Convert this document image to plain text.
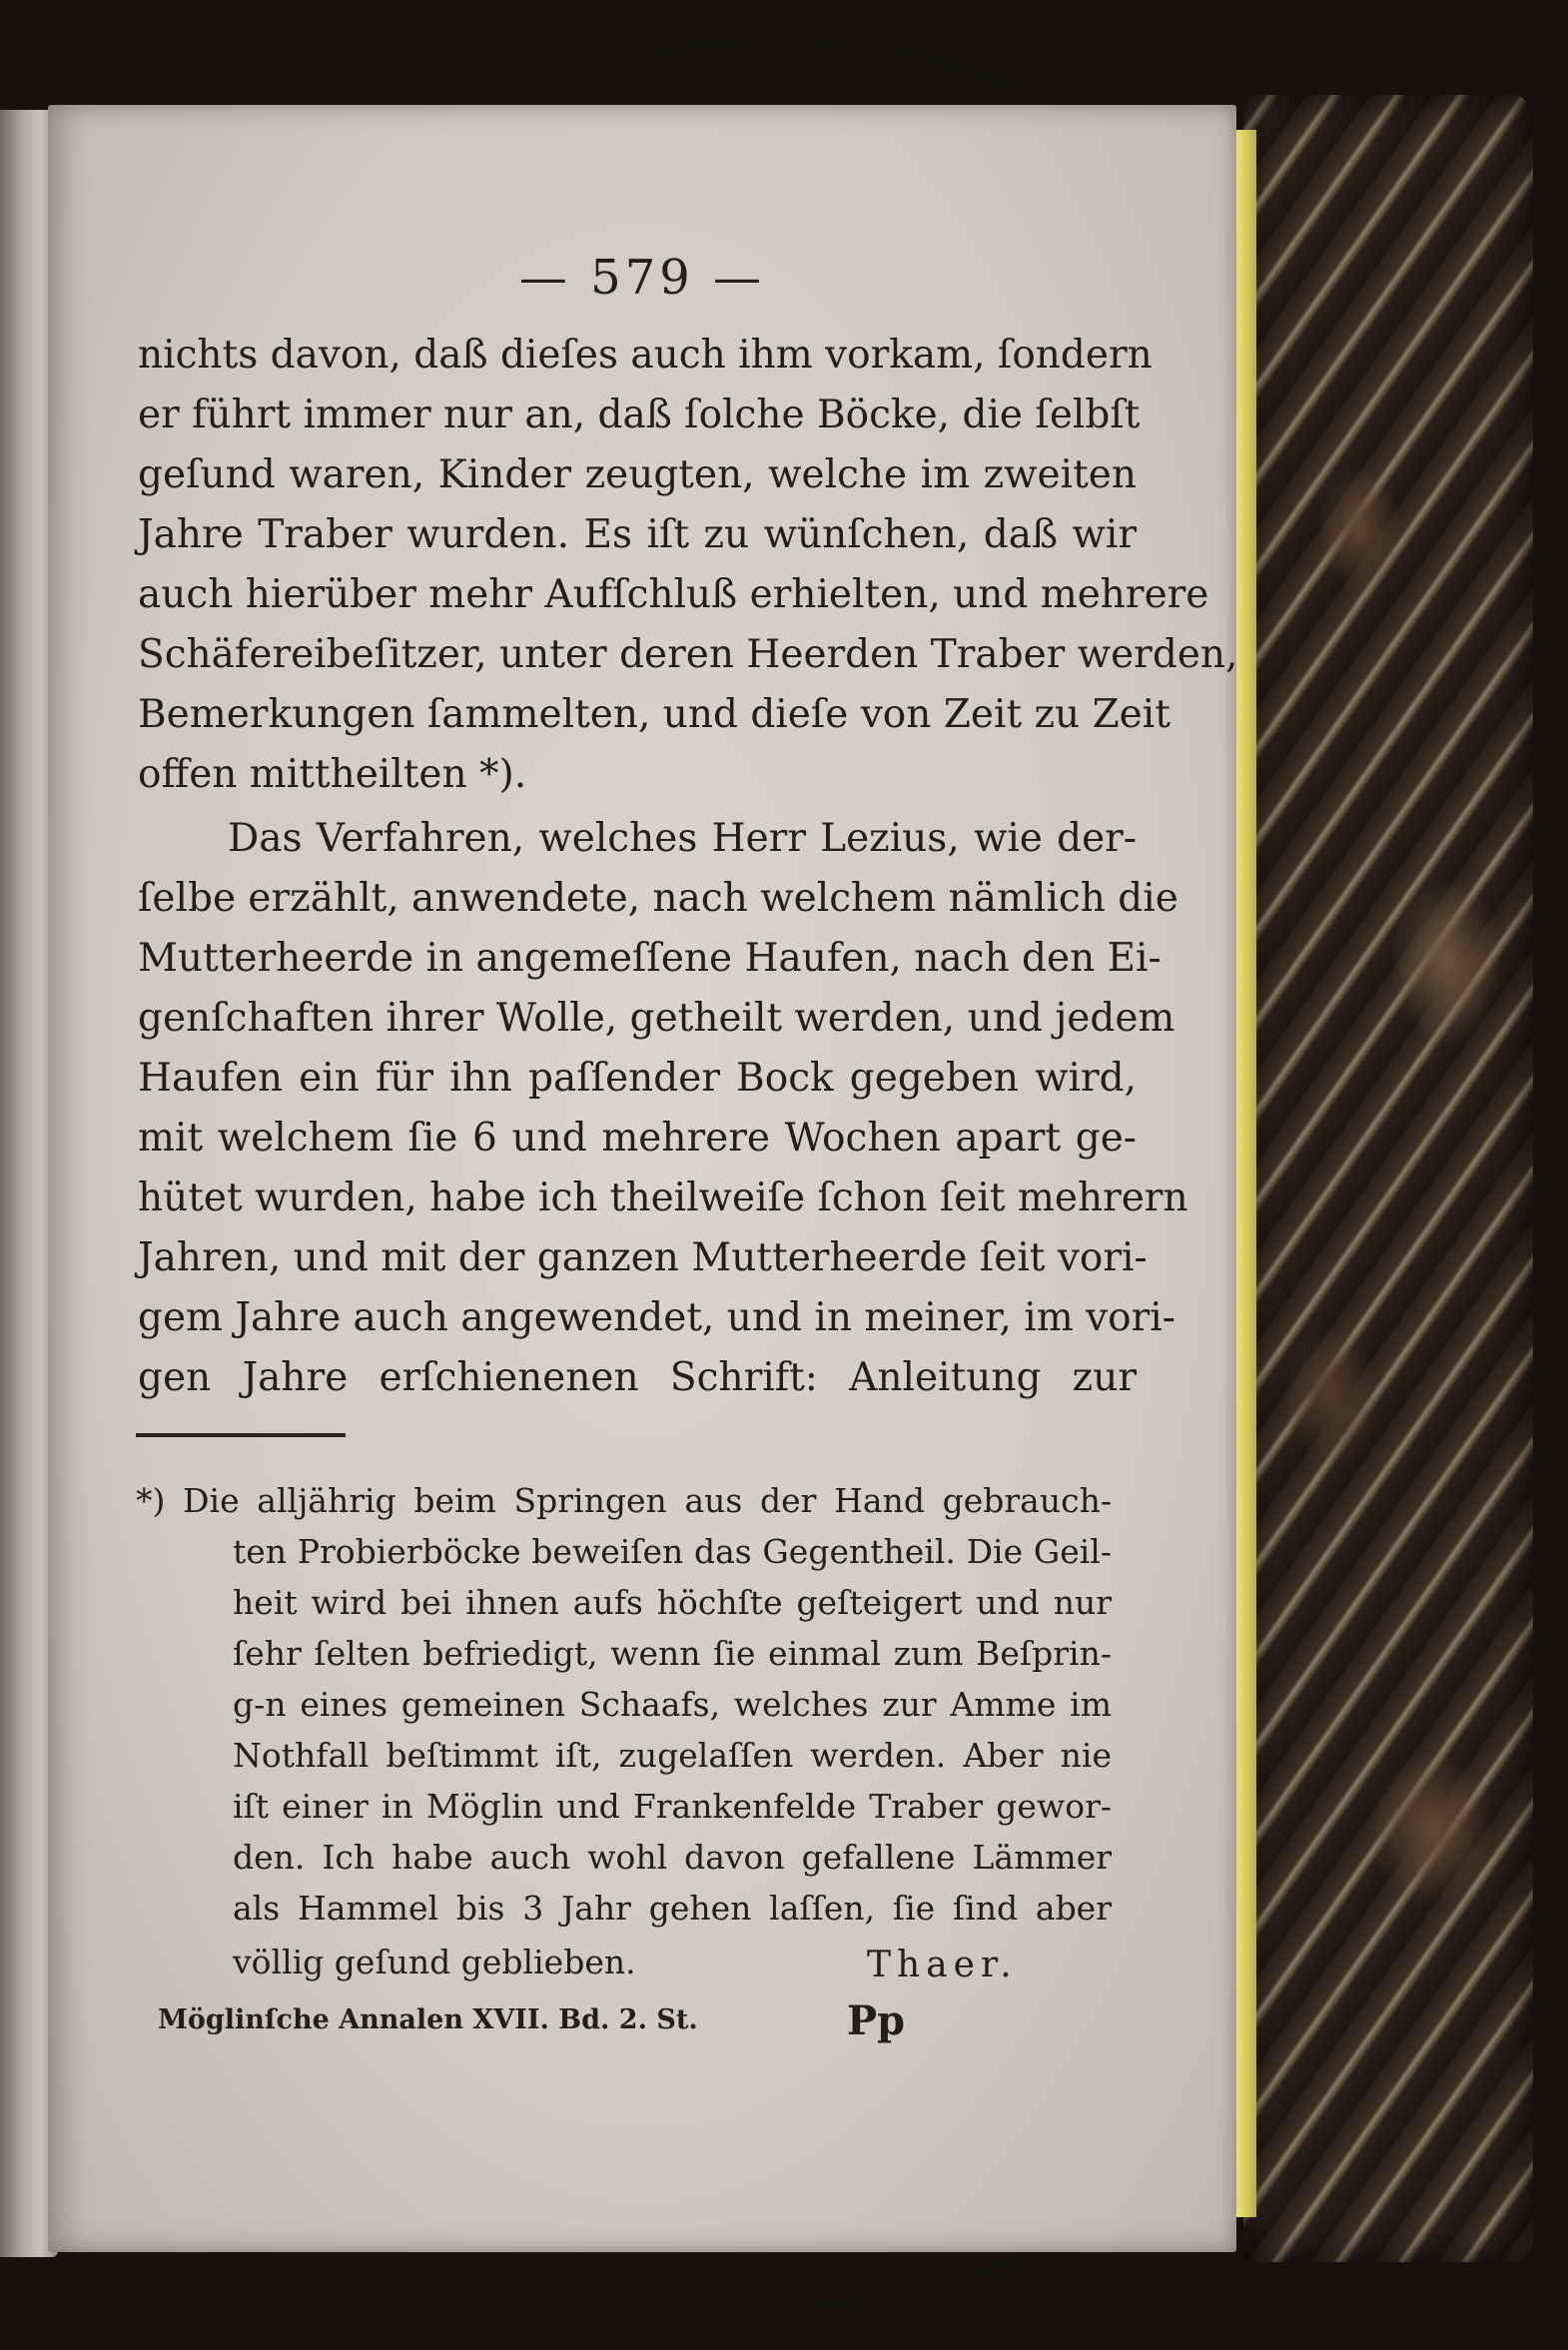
— 579 —
nichts davon, daß dieſes auch ihm vorkam, ſondern
er führt immer nur an, daß ſolche Böcke, die ſelbſt
geſund waren, Kinder zeugten, welche im zweiten
Jahre Traber wurden. Es iſt zu wünſchen, daß wir
auch hierüber mehr Aufſchluß erhielten, und mehrere
Schäfereibeſitzer, unter deren Heerden Traber werden,
Bemerkungen ſammelten, und dieſe von Zeit zu Zeit
offen mittheilten *).
Das Verfahren, welches Herr Lezius, wie der-
ſelbe erzählt, anwendete, nach welchem nämlich die
Mutterheerde in angemeſſene Haufen, nach den Ei-
genſchaften ihrer Wolle, getheilt werden, und jedem
Haufen ein für ihn paſſender Bock gegeben wird,
mit welchem ſie 6 und mehrere Wochen apart ge-
hütet wurden, habe ich theilweiſe ſchon ſeit mehrern
Jahren, und mit der ganzen Mutterheerde ſeit vori-
gem Jahre auch angewendet, und in meiner, im vori-
gen Jahre erſchienenen Schrift: Anleitung zur
*) Die alljährig beim Springen aus der Hand gebrauch-
ten Probierböcke beweiſen das Gegentheil. Die Geil-
heit wird bei ihnen aufs höchſte geſteigert und nur
ſehr ſelten befriedigt, wenn ſie einmal zum Beſprin-
g-n eines gemeinen Schaafs, welches zur Amme im
Nothfall beſtimmt iſt, zugelaſſen werden. Aber nie
iſt einer in Möglin und Frankenfelde Traber gewor-
den. Ich habe auch wohl davon gefallene Lämmer
als Hammel bis 3 Jahr gehen laſſen, ſie ſind aber
völlig geſund geblieben.	Thaer.
Möglinſche Annalen XVII. Bd. 2. St.	Pp
